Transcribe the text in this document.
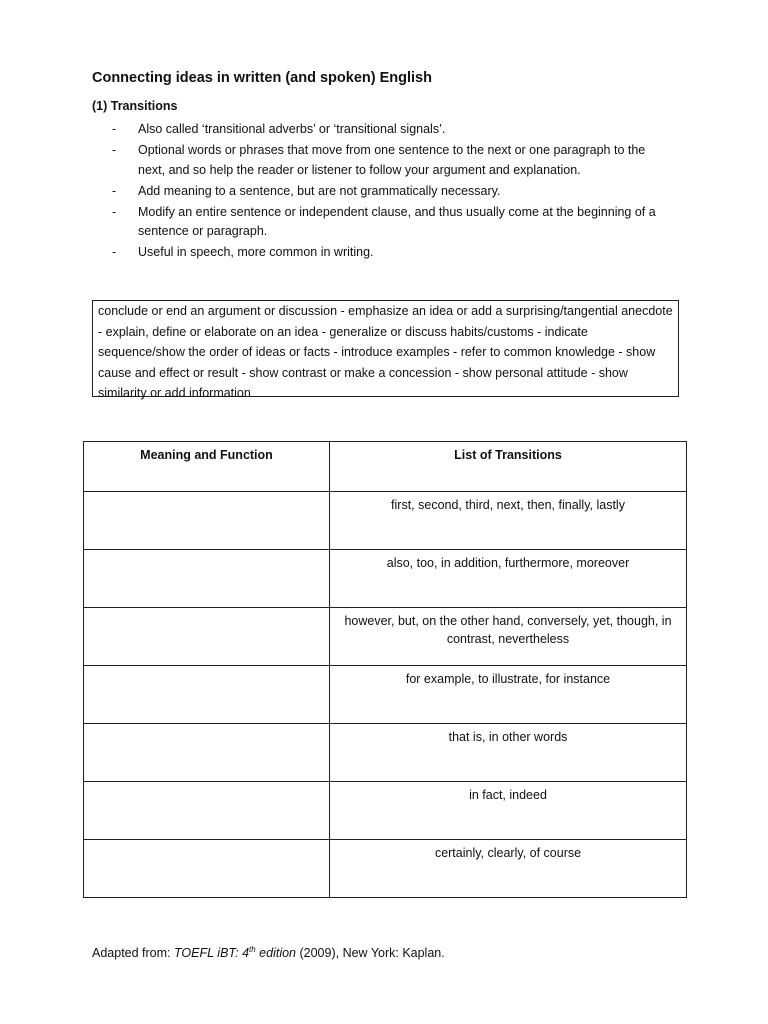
Connecting ideas in written (and spoken) English
(1) Transitions
- Also called ‘transitional adverbs’ or ‘transitional signals’.
- Optional words or phrases that move from one sentence to the next or one paragraph to the next, and so help the reader or listener to follow your argument and explanation.
- Add meaning to a sentence, but are not grammatically necessary.
- Modify an entire sentence or independent clause, and thus usually come at the beginning of a sentence or paragraph.
- Useful in speech, more common in writing.
conclude or end an argument or discussion - emphasize an idea or add a surprising/tangential anecdote - explain, define or elaborate on an idea - generalize or discuss habits/customs - indicate sequence/show the order of ideas or facts - introduce examples - refer to common knowledge - show cause and effect or result - show contrast or make a concession - show personal attitude - show similarity or add information
Meaning and Function	List of Transitions
	first, second, third, next, then, finally, lastly
	also, too, in addition, furthermore, moreover
	however, but, on the other hand, conversely, yet, though, in contrast, nevertheless
	for example, to illustrate, for instance
	that is, in other words
	in fact, indeed
	certainly, clearly, of course
Adapted from: TOEFL iBT: 4th edition (2009), New York: Kaplan.
